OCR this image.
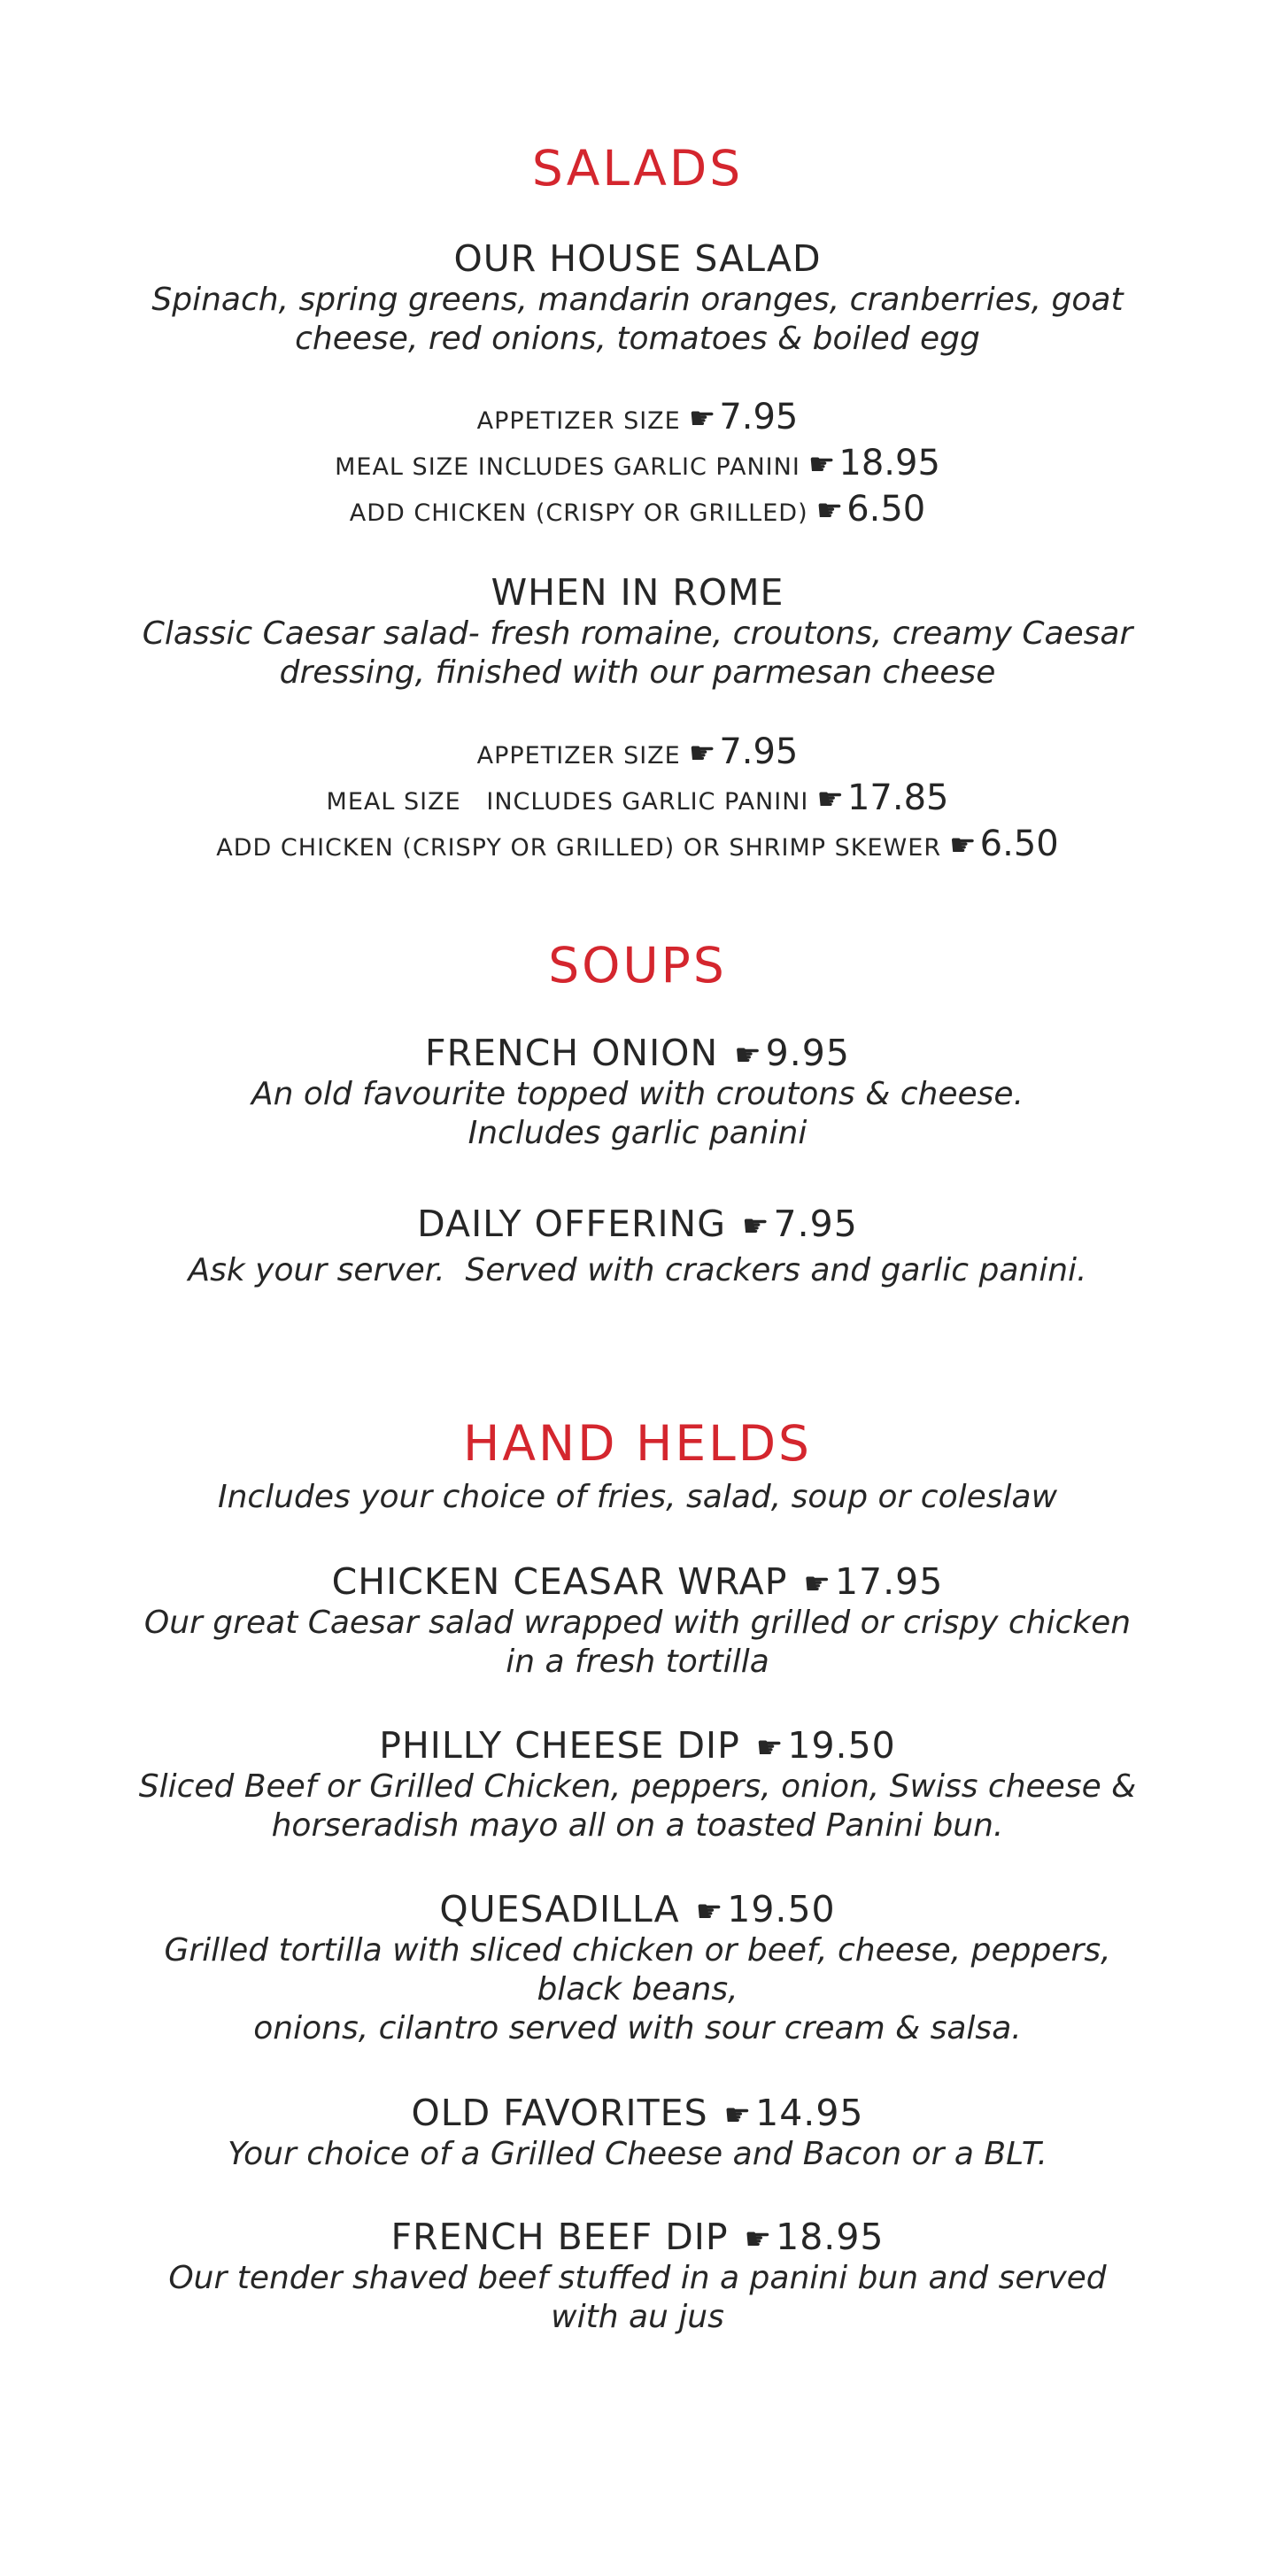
SALADS

OUR HOUSE SALAD

Spinach, spring greens, mandarin oranges, cranberries, goat

cheese, red onions, tomatoes & boiled egg

APPETIZER SIZE ☛ 7.95

MEAL SIZE INCLUDES GARLIC PANINI ☛ 18.95

ADD CHICKEN (CRISPY OR GRILLED) ☛ 6.50

WHEN IN ROME

Classic Caesar salad- fresh romaine, croutons, creamy Caesar

dressing, finished with our parmesan cheese

APPETIZER SIZE ☛ 7.95

MEAL SIZE   INCLUDES GARLIC PANINI ☛ 17.85

ADD CHICKEN (CRISPY OR GRILLED) OR SHRIMP SKEWER ☛ 6.50

SOUPS

FRENCH ONION ☛9.95

An old favourite topped with croutons & cheese.

Includes garlic panini

DAILY OFFERING ☛7.95

Ask your server.  Served with crackers and garlic panini.

HAND HELDS

Includes your choice of fries, salad, soup or coleslaw

CHICKEN CEASAR WRAP ☛17.95

Our great Caesar salad wrapped with grilled or crispy chicken

in a fresh tortilla

PHILLY CHEESE DIP ☛19.50

Sliced Beef or Grilled Chicken, peppers, onion, Swiss cheese &

horseradish mayo all on a toasted Panini bun.

QUESADILLA ☛19.50

Grilled tortilla with sliced chicken or beef, cheese, peppers,

black beans,

onions, cilantro served with sour cream & salsa.

OLD FAVORITES ☛14.95

Your choice of a Grilled Cheese and Bacon or a BLT.

FRENCH BEEF DIP ☛18.95

Our tender shaved beef stuffed in a panini bun and served

with au jus
